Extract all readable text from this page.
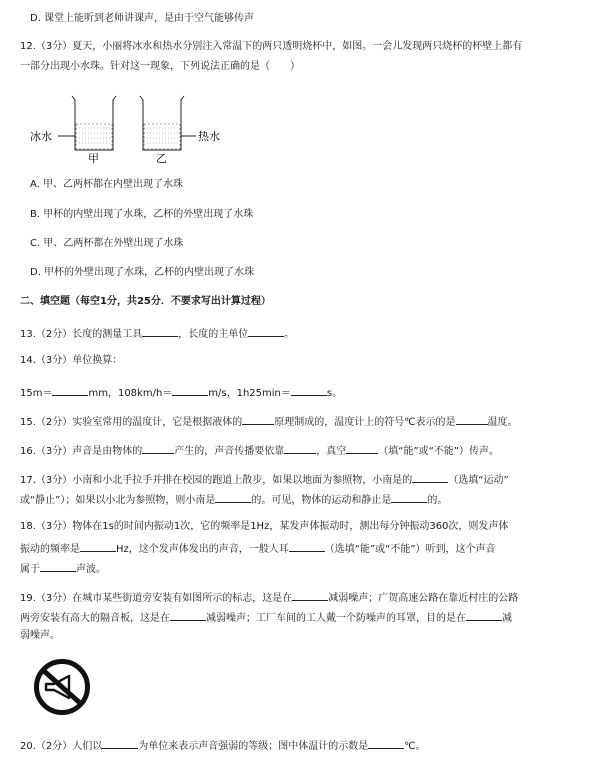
D. 课堂上能听到老师讲课声，是由于空气能够传声
12.（3分）夏天，小丽将冰水和热水分别注入常温下的两只透明烧杯中，如图。一会儿发现两只烧杯的杯壁上都有
一部分出现小水珠。针对这一现象，下列说法正确的是（　　）
冰水
甲
热水
乙
A. 甲、乙两杯都在内壁出现了水珠
B. 甲杯的内壁出现了水珠，乙杯的外壁出现了水珠
C. 甲、乙两杯都在外壁出现了水珠
D. 甲杯的外壁出现了水珠，乙杯的内壁出现了水珠
二、填空题（每空1分，共25分．不要求写出计算过程）
13.（2分）长度的测量工具	，长度的主单位	。
14.（3分）单位换算：
15m＝	mm，108km/h＝	m/s，1h25min＝	s。
15.（2分）实验室常用的温度计，它是根据液体的	原理制成的，温度计上的符号℃表示的是	温度。
16.（3分）声音是由物体的	产生的，声音传播要依靠	，真空	（填“能”或“不能”）传声。
17.（3分）小南和小北手拉手并排在校园的跑道上散步，如果以地面为参照物，小南是的	（选填“运动”
或“静止”）；如果以小北为参照物，则小南是	的。可见，物体的运动和静止是	的。
18.（3分）物体在1s的时间内振动1次，它的频率是1Hz，某发声体振动时，测出每分钟振动360次，则发声体
振动的频率是	Hz，这个发声体发出的声音，一般人耳	（选填“能”或“不能”）听到，这个声音
属于	声波。
19.（3分）在城市某些街道旁安装有如图所示的标志，这是在	减弱噪声；广贺高速公路在靠近村庄的公路
两旁安装有高大的隔音板，这是在	减弱噪声；工厂车间的工人戴一个防噪声的耳罩，目的是在	减
弱噪声。
20.（2分）人们以	为单位来表示声音强弱的等级；图中体温计的示数是	℃。
